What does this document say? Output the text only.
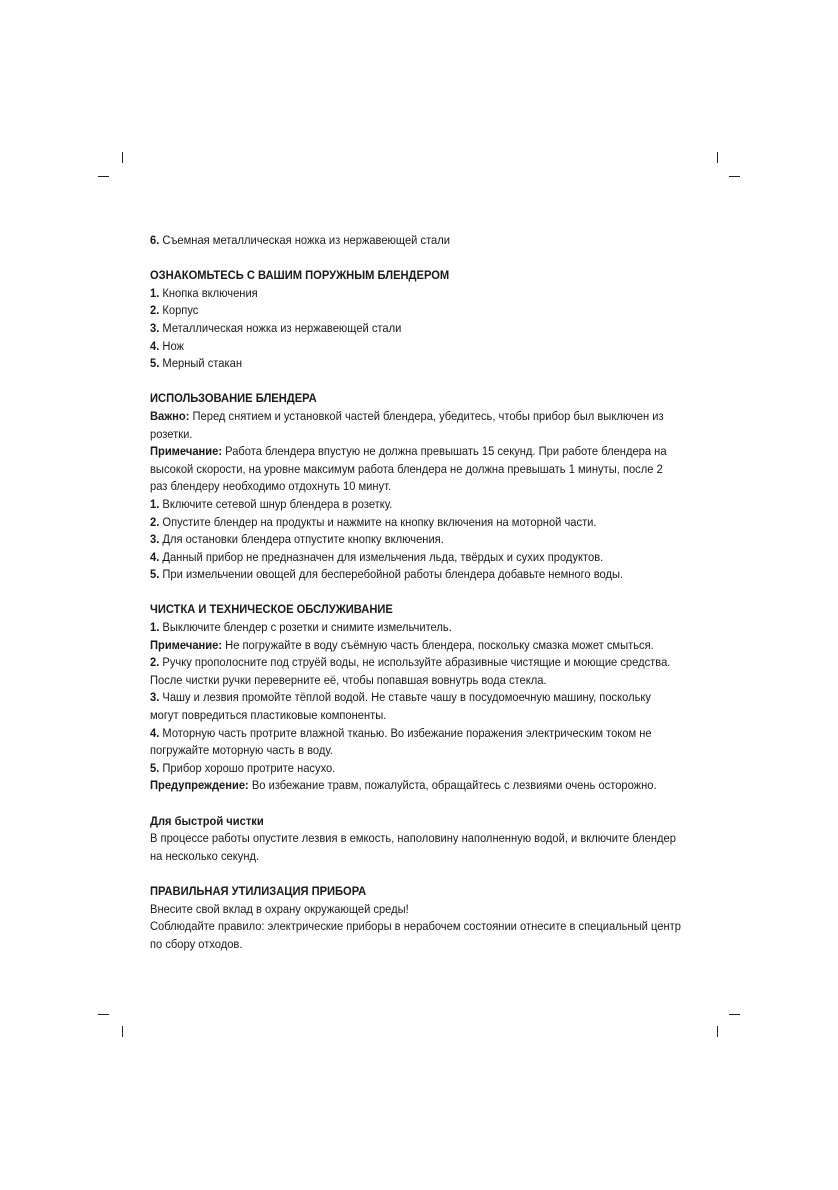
6. Съемная металлическая ножка из нержавеющей стали
ОЗНАКОМЬТЕСЬ С ВАШИМ ПОРУЖНЫМ БЛЕНДЕРОМ
1. Кнопка включения
2. Корпус
3. Металлическая ножка из нержавеющей стали
4. Нож
5. Мерный стакан
ИСПОЛЬЗОВАНИЕ БЛЕНДЕРА
Важно: Перед снятием и установкой частей блендера, убедитесь, чтобы прибор был выключен из
розетки.
Примечание: Работа блендера впустую не должна превышать 15 секунд. При работе блендера на
высокой скорости, на уровне максимум работа блендера не должна превышать 1 минуты, после 2
раз блендеру необходимо отдохнуть 10 минут.
1. Включите сетевой шнур блендера в розетку.
2. Опустите блендер на продукты и нажмите на кнопку включения на моторной части.
3. Для остановки блендера отпустите кнопку включения.
4. Данный прибор не предназначен для измельчения льда, твёрдых и сухих продуктов.
5. При измельчении овощей для бесперебойной работы блендера добавьте немного воды.
ЧИСТКА И ТЕХНИЧЕСКОЕ ОБСЛУЖИВАНИЕ
1. Выключите блендер с розетки и снимите измельчитель.
Примечание: Не погружайте в воду съёмную часть блендера, поскольку смазка может смыться.
2. Ручку прополосните под струёй воды, не используйте абразивные чистящие и моющие средства.
После чистки ручки переверните её, чтобы попавшая вовнутрь вода стекла.
3. Чашу и лезвия промойте тёплой водой. Не ставьте чашу в посудомоечную машину, поскольку
могут повредиться пластиковые компоненты.
4. Моторную часть протрите влажной тканью. Во избежание поражения электрическим током не
погружайте моторную часть в воду.
5. Прибор хорошо протрите насухо.
Предупреждение: Во избежание травм, пожалуйста, обращайтесь с лезвиями очень осторожно.
Для быстрой чистки
В процессе работы опустите лезвия в емкость, наполовину наполненную водой, и включите блендер
на несколько секунд.
ПРАВИЛЬНАЯ УТИЛИЗАЦИЯ ПРИБОРА
Внесите свой вклад в охрану окружающей среды!
Соблюдайте правило: электрические приборы в нерабочем состоянии отнесите в специальный центр
по сбору отходов.
